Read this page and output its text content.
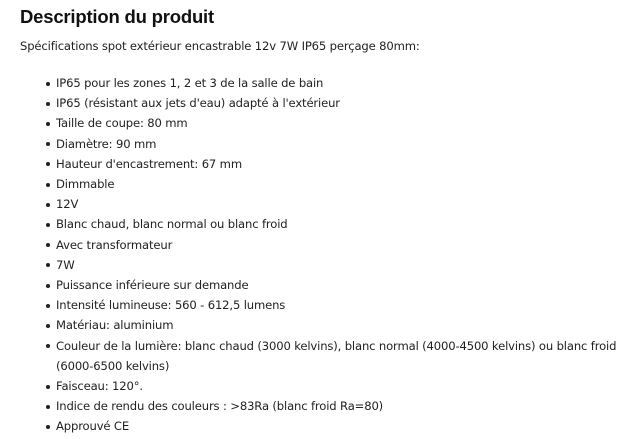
Description du produit

Spécifications spot extérieur encastrable 12v 7W IP65 perçage 80mm:

IP65 pour les zones 1, 2 et 3 de la salle de bain
IP65 (résistant aux jets d'eau) adapté à l'extérieur
Taille de coupe: 80 mm
Diamètre: 90 mm
Hauteur d'encastrement: 67 mm
Dimmable
12V
Blanc chaud, blanc normal ou blanc froid
Avec transformateur
7W
Puissance inférieure sur demande
Intensité lumineuse: 560 - 612,5 lumens
Matériau: aluminium
Couleur de la lumière: blanc chaud (3000 kelvins), blanc normal (4000-4500 kelvins) ou blanc froid (6000-6500 kelvins)
Faisceau: 120°.
Indice de rendu des couleurs : >83Ra (blanc froid Ra=80)
Approuvé CE
